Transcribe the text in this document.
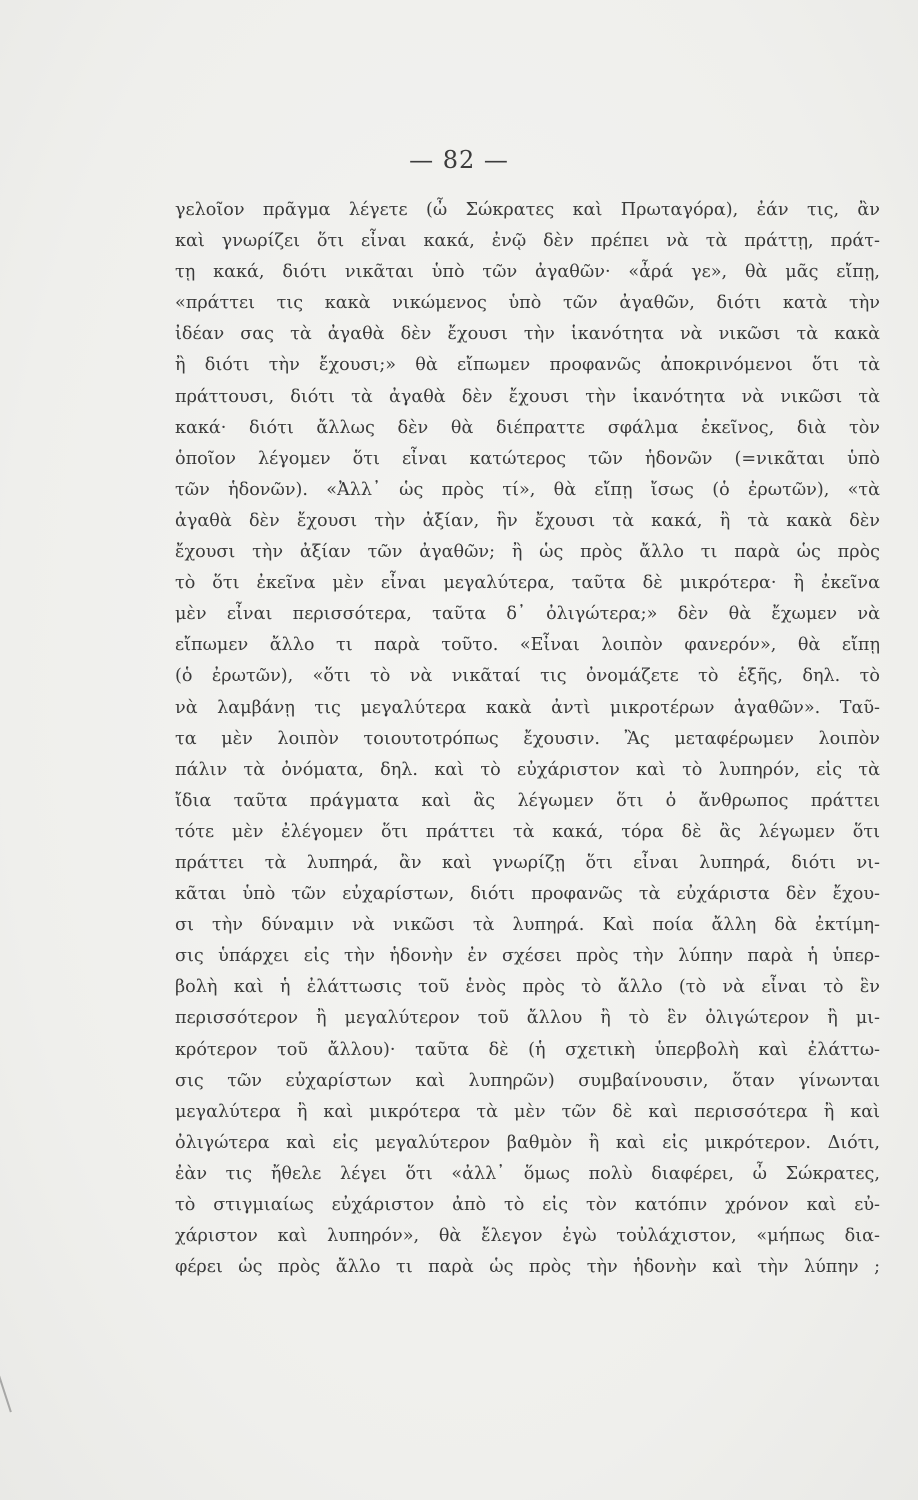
— 82 —
γελοῖον πρᾶγμα λέγετε (ὦ Σώκρατες καὶ Πρωταγόρα), ἐάν τις, ἂν
καὶ γνωρίζει ὅτι εἶναι κακά, ἐνῷ δὲν πρέπει νὰ τὰ πράττῃ, πράτ-
τῃ κακά, διότι νικᾶται ὑπὸ τῶν ἀγαθῶν· «ἆρά γε», θὰ μᾶς εἴπῃ,
«πράττει τις κακὰ νικώμενος ὑπὸ τῶν ἀγαθῶν, διότι κατὰ τὴν
ἰδέαν σας τὰ ἀγαθὰ δὲν ἔχουσι τὴν ἱκανότητα νὰ νικῶσι τὰ κακὰ
ἢ διότι τὴν ἔχουσι;» θὰ εἴπωμεν προφανῶς ἀποκρινόμενοι ὅτι τὰ
πράττουσι, διότι τὰ ἀγαθὰ δὲν ἔχουσι τὴν ἱκανότητα νὰ νικῶσι τὰ
κακά· διότι ἄλλως δὲν θὰ διέπραττε σφάλμα ἐκεῖνος, διὰ τὸν
ὁποῖον λέγομεν ὅτι εἶναι κατώτερος τῶν ἡδονῶν (=νικᾶται ὑπὸ
τῶν ἡδονῶν). «Ἀλλ᾽ ὡς πρὸς τί», θὰ εἴπῃ ἴσως (ὁ ἐρωτῶν), «τὰ
ἀγαθὰ δὲν ἔχουσι τὴν ἀξίαν, ἣν ἔχουσι τὰ κακά, ἢ τὰ κακὰ δὲν
ἔχουσι τὴν ἀξίαν τῶν ἀγαθῶν; ἢ ὡς πρὸς ἄλλο τι παρὰ ὡς πρὸς
τὸ ὅτι ἐκεῖνα μὲν εἶναι μεγαλύτερα, ταῦτα δὲ μικρότερα· ἢ ἐκεῖνα
μὲν εἶναι περισσότερα, ταῦτα δ᾽ ὀλιγώτερα;» δὲν θὰ ἔχωμεν νὰ
εἴπωμεν ἄλλο τι παρὰ τοῦτο. «Εἶναι λοιπὸν φανερόν», θὰ εἴπῃ
(ὁ ἐρωτῶν), «ὅτι τὸ νὰ νικᾶταί τις ὀνομάζετε τὸ ἑξῆς, δηλ. τὸ
νὰ λαμβάνῃ τις μεγαλύτερα κακὰ ἀντὶ μικροτέρων ἀγαθῶν». Ταῦ-
τα μὲν λοιπὸν τοιουτοτρόπως ἔχουσιν. Ἂς μεταφέρωμεν λοιπὸν
πάλιν τὰ ὀνόματα, δηλ. καὶ τὸ εὐχάριστον καὶ τὸ λυπηρόν, εἰς τὰ
ἴδια ταῦτα πράγματα καὶ ἂς λέγωμεν ὅτι ὁ ἄνθρωπος πράττει
τότε μὲν ἐλέγομεν ὅτι πράττει τὰ κακά, τόρα δὲ ἂς λέγωμεν ὅτι
πράττει τὰ λυπηρά, ἂν καὶ γνωρίζῃ ὅτι εἶναι λυπηρά, διότι νι-
κᾶται ὑπὸ τῶν εὐχαρίστων, διότι προφανῶς τὰ εὐχάριστα δὲν ἔχου-
σι τὴν δύναμιν νὰ νικῶσι τὰ λυπηρά. Καὶ ποία ἄλλη δὰ ἐκτίμη-
σις ὑπάρχει εἰς τὴν ἡδονὴν ἐν σχέσει πρὸς τὴν λύπην παρὰ ἡ ὑπερ-
βολὴ καὶ ἡ ἐλάττωσις τοῦ ἑνὸς πρὸς τὸ ἄλλο (τὸ νὰ εἶναι τὸ ἓν
περισσότερον ἢ μεγαλύτερον τοῦ ἄλλου ἢ τὸ ἓν ὀλιγώτερον ἢ μι-
κρότερον τοῦ ἄλλου)· ταῦτα δὲ (ἡ σχετικὴ ὑπερβολὴ καὶ ἐλάττω-
σις τῶν εὐχαρίστων καὶ λυπηρῶν) συμβαίνουσιν, ὅταν γίνωνται
μεγαλύτερα ἢ καὶ μικρότερα τὰ μὲν τῶν δὲ καὶ περισσότερα ἢ καὶ
ὀλιγώτερα καὶ εἰς μεγαλύτερον βαθμὸν ἢ καὶ εἰς μικρότερον. Διότι,
ἐὰν τις ἤθελε λέγει ὅτι «ἀλλ᾽ ὅμως πολὺ διαφέρει, ὦ Σώκρατες,
τὸ στιγμιαίως εὐχάριστον ἀπὸ τὸ εἰς τὸν κατόπιν χρόνον καὶ εὐ-
χάριστον καὶ λυπηρόν», θὰ ἔλεγον ἐγὼ τοὐλάχιστον, «μήπως δια-
φέρει ὡς πρὸς ἄλλο τι παρὰ ὡς πρὸς τὴν ἡδονὴν καὶ τὴν λύπην ;
